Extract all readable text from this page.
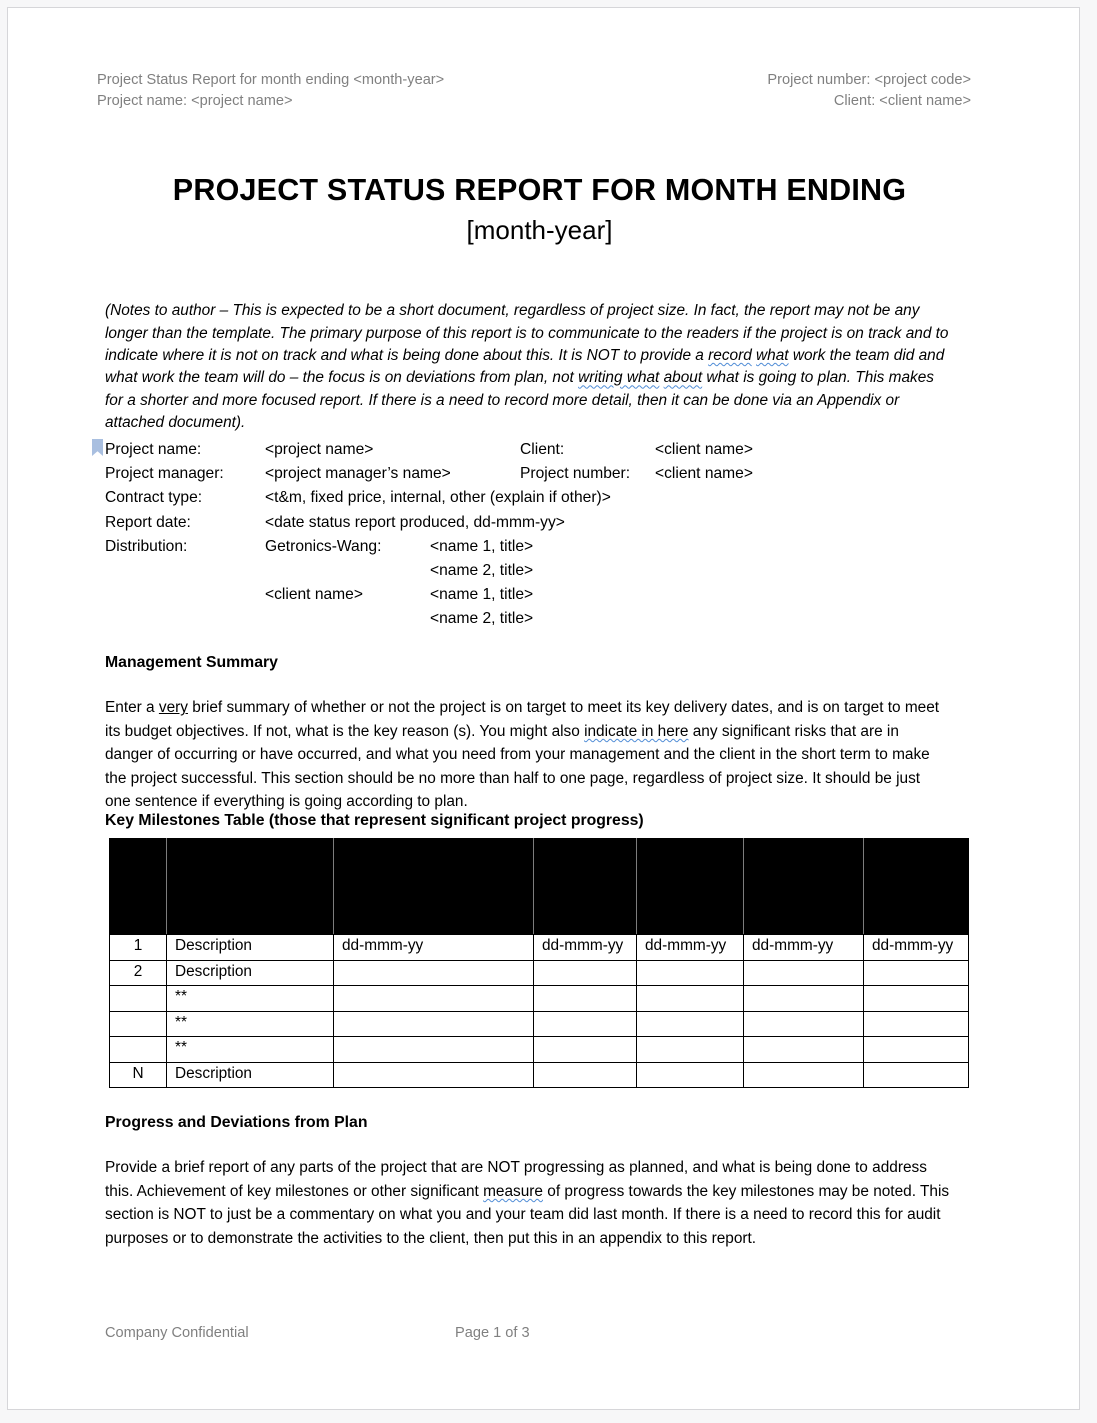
Project Status Report for month ending <month-year>	Project number: <project code>
Project name: <project name>	Client: <client name>
PROJECT STATUS REPORT FOR MONTH ENDING
[month-year]

(Notes to author – This is expected to be a short document, regardless of project size. In fact, the report may not be any longer than the template. The primary purpose of this report is to communicate to the readers if the project is on track and to indicate where it is not on track and what is being done about this. It is NOT to provide a record what work the team did and what work the team will do – the focus is on deviations from plan, not writing what about what is going to plan. This makes for a shorter and more focused report. If there is a need to record more detail, then it can be done via an Appendix or attached document).

Project name:	<project name>	Client:	<client name>
Project manager:	<project manager’s name>	Project number:	<client name>
Contract type:	<t&m, fixed price, internal, other (explain if other)>
Report date:	<date status report produced, dd-mmm-yy>
Distribution:	Getronics-Wang:	<name 1, title>
<name 2, title>
<client name>	<name 1, title>
<name 2, title>
Management Summary

Enter a very brief summary of whether or not the project is on target to meet its key delivery dates, and is on target to meet its budget objectives. If not, what is the key reason (s). You might also indicate in here any significant risks that are in danger of occurring or have occurred, and what you need from your management and the client in the short term to make the project successful. This section should be no more than half to one page, regardless of project size. It should be just one sentence if everything is going according to plan.

Key Milestones Table (those that represent significant project progress)

1	Description	dd-mmm-yy	dd-mmm-yy	dd-mmm-yy	dd-mmm-yy	dd-mmm-yy
2	Description					
	**					
	**					
	**					
N	Description					
Progress and Deviations from Plan

Provide a brief report of any parts of the project that are NOT progressing as planned, and what is being done to address this. Achievement of key milestones or other significant measure of progress towards the key milestones may be noted. This section is NOT to just be a commentary on what you and your team did last month. If there is a need to record this for audit purposes or to demonstrate the activities to the client, then put this in an appendix to this report.

Company Confidential	Page 1 of 3
